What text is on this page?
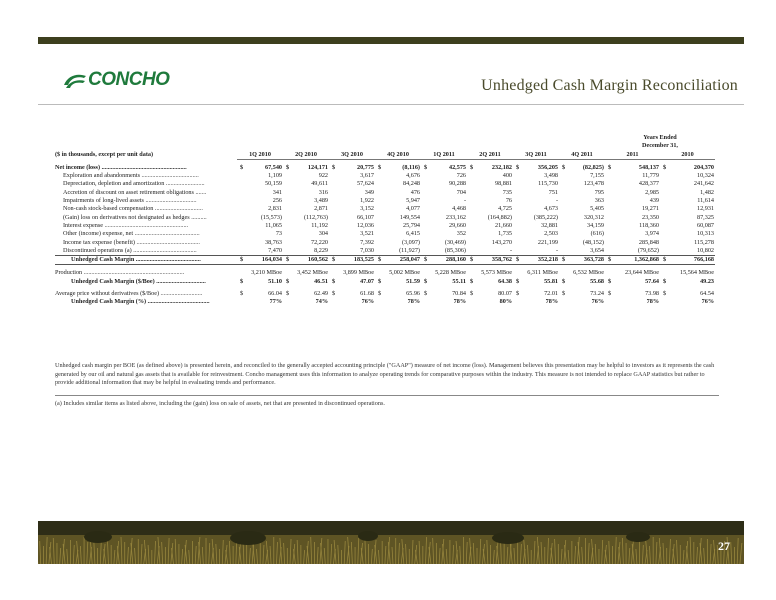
CONCHO	Unhedged Cash Margin Reconciliation
									Years Ended	
									December 31,	
($ in thousands, except per unit data)	1Q 2010	2Q 2010	3Q 2010	4Q 2010	1Q 2011	2Q 2011	3Q 2011	4Q 2011	2011	2010

Net income (loss) .......................................................	$ 67,540	$ 124,171	$ 20,775	$ (8,116)	$ 42,575	$ 232,182	$ 356,205	$ (82,825)	$ 548,137	$ 204,370
Exploration and abandonments .....................................	1,109	922	3,617	4,676	726	400	3,498	7,155	11,779	10,324
Depreciation, depletion and amortization .........................	50,159	49,611	57,624	84,248	90,288	98,881	115,730	123,478	428,377	241,642
Accretion of discount on asset retirement obligations .......	341	316	349	476	704	735	751	795	2,985	1,482
Impairments of long-lived assets .................................	256	3,489	1,922	5,947	-	76	-	363	439	11,614
Non-cash stock-based compensation ...............................	2,831	2,871	3,152	4,077	4,468	4,725	4,673	5,405	19,271	12,931
(Gain) loss on derivatives not designated as hedges ..........	(15,573)	(112,763)	66,107	149,554	233,162	(164,882)	(385,222)	320,312	23,350	87,325
Interest expense ......................................................	11,065	11,192	12,036	25,794	29,660	21,660	32,881	34,159	118,360	60,087
Other (income) expense, net ..........................................	73	304	3,521	6,415	352	1,735	2,503	(616)	3,974	10,313
Income tax expense (benefit) .........................................	38,763	72,220	7,392	(3,097)	(30,469)	143,270	221,199	(48,152)	285,848	115,278
Discontinued operations (a) .........................................	7,470	8,229	7,030	(11,927)	(85,306)	-	-	3,654	(79,652)	10,802
Unhedged Cash Margin ..........................................	$ 164,034	$ 160,562	$ 183,525	$ 258,047	$ 288,160	$ 358,762	$ 352,218	$ 363,728	$ 1,362,868	$ 766,168

Production .................................................................	3,210 MBoe	3,452 MBoe	3,899 MBoe	5,002 MBoe	5,228 MBoe	5,573 MBoe	6,311 MBoe	6,532 MBoe	23,644 MBoe	15,564 MBoe
Unhedged Cash Margin ($/Boe) ................................	$ 51.10	$ 46.51	$ 47.07	$ 51.59	$ 55.11	$ 64.38	$ 55.81	$ 55.68	$ 57.64	$ 49.23

Average price without derivatives ($/Boe) ...........................	$ 66.04	$ 62.49	$ 61.68	$ 65.96	$ 70.84	$ 80.07	$ 72.01	$ 73.24	$ 73.98	$ 64.54
Unhedged Cash Margin (%) ........................................	77%	74%	76%	78%	78%	80%	78%	76%	78%	76%
Unhedged cash margin per BOE (as defined above) is presented herein, and reconciled to the generally accepted accounting principle ("GAAP") measure of net income (loss). Management believes this presentation may be helpful to investors as it represents the cash generated by our oil and natural gas assets that is available for reinvestment. Concho management uses this information to analyze operating trends for comparative purposes within the industry. This measure is not intended to replace GAAP statistics but rather to provide additional information that may be helpful in evaluating trends and performance.
(a) Includes similar items as listed above, including the (gain) loss on sale of assets, net that are presented in discontinued operations.
27
